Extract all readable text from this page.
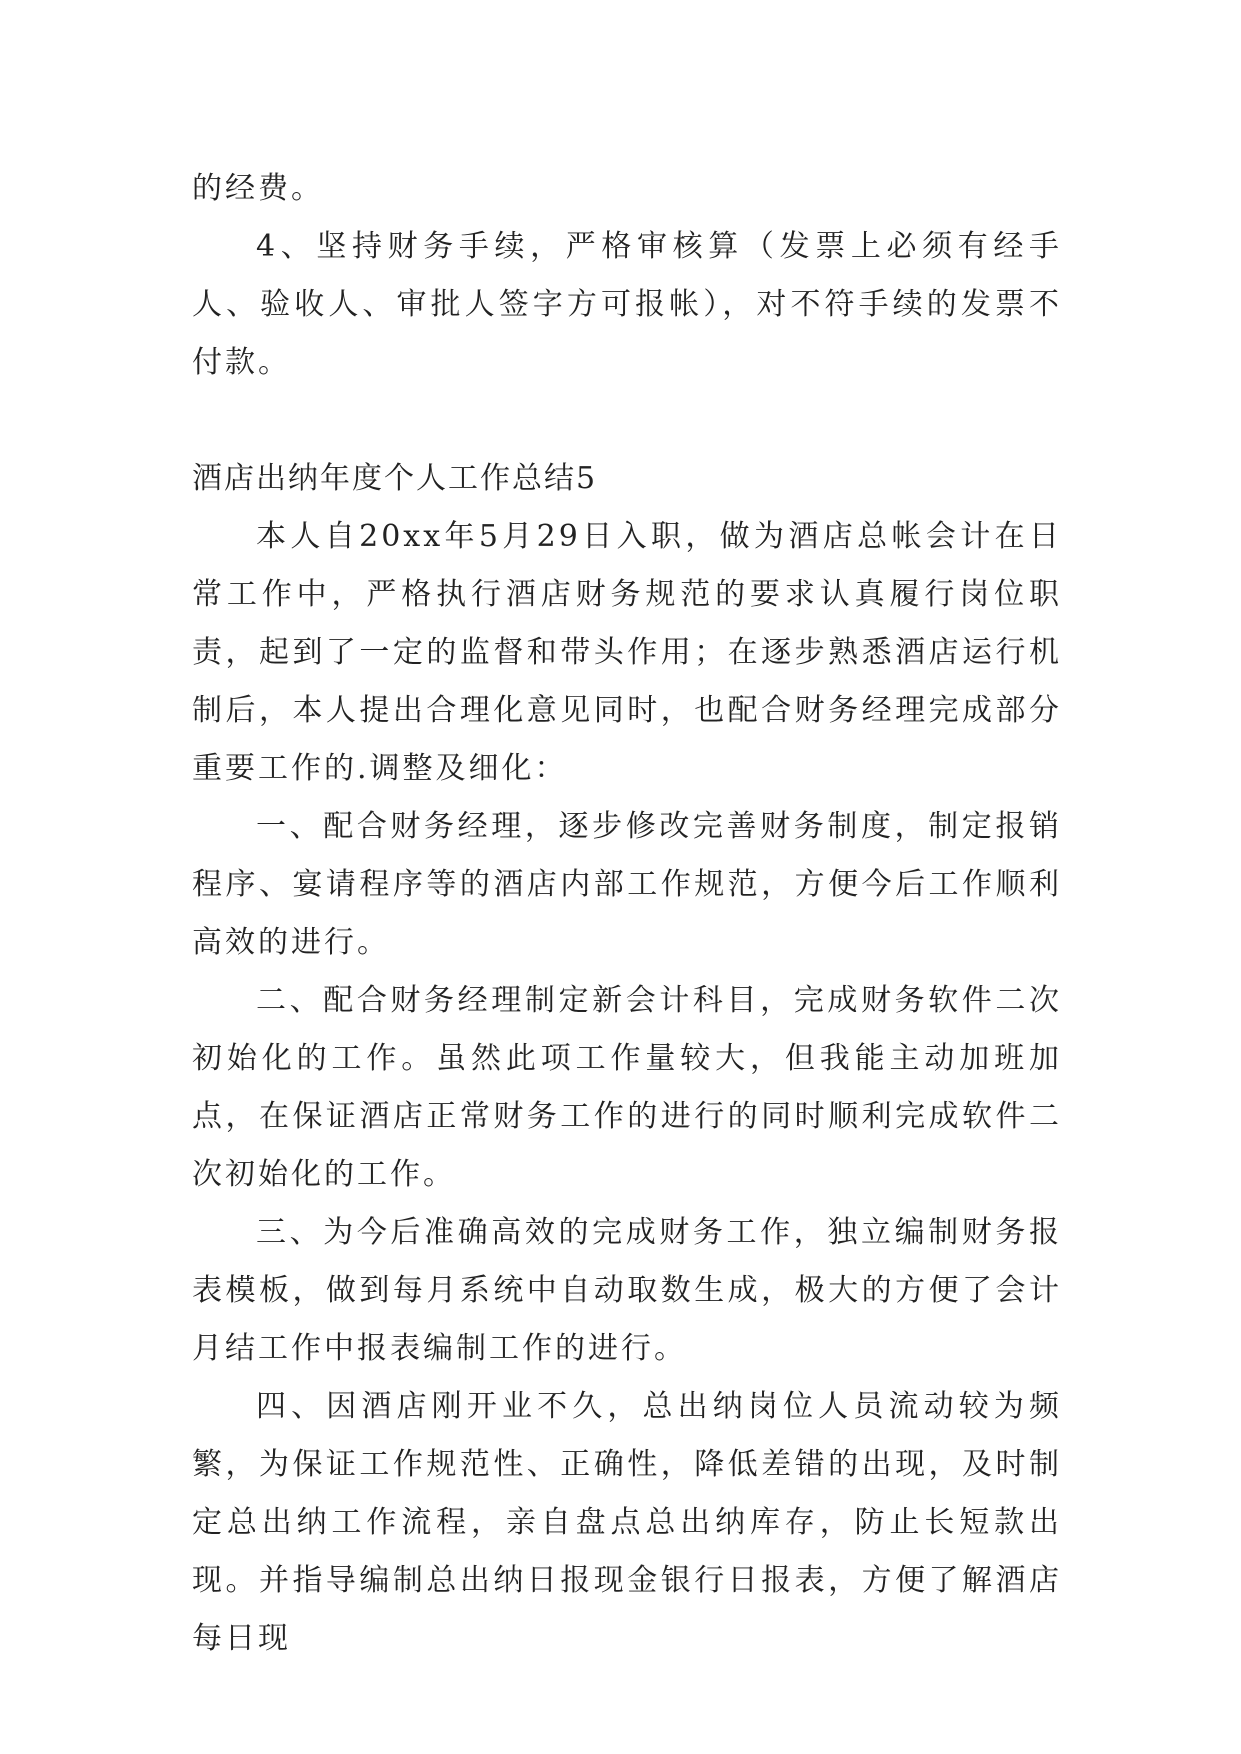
的经费。

4、坚持财务手续，严格审核算（发票上必须有经手人、验收人、审批人签字方可报帐），对不符手续的发票不付款。

酒店出纳年度个人工作总结5

本人自20xx年5月29日入职，做为酒店总帐会计在日常工作中，严格执行酒店财务规范的要求认真履行岗位职责，起到了一定的监督和带头作用；在逐步熟悉酒店运行机制后，本人提出合理化意见同时，也配合财务经理完成部分重要工作的.调整及细化：

一、配合财务经理，逐步修改完善财务制度，制定报销程序、宴请程序等的酒店内部工作规范，方便今后工作顺利高效的进行。

二、配合财务经理制定新会计科目，完成财务软件二次初始化的工作。虽然此项工作量较大，但我能主动加班加点，在保证酒店正常财务工作的进行的同时顺利完成软件二次初始化的工作。

三、为今后准确高效的完成财务工作，独立编制财务报表模板，做到每月系统中自动取数生成，极大的方便了会计月结工作中报表编制工作的进行。

四、因酒店刚开业不久，总出纳岗位人员流动较为频繁，为保证工作规范性、正确性，降低差错的出现，及时制定总出纳工作流程，亲自盘点总出纳库存，防止长短款出现。并指导编制总出纳日报现金银行日报表，方便了解酒店每日现
